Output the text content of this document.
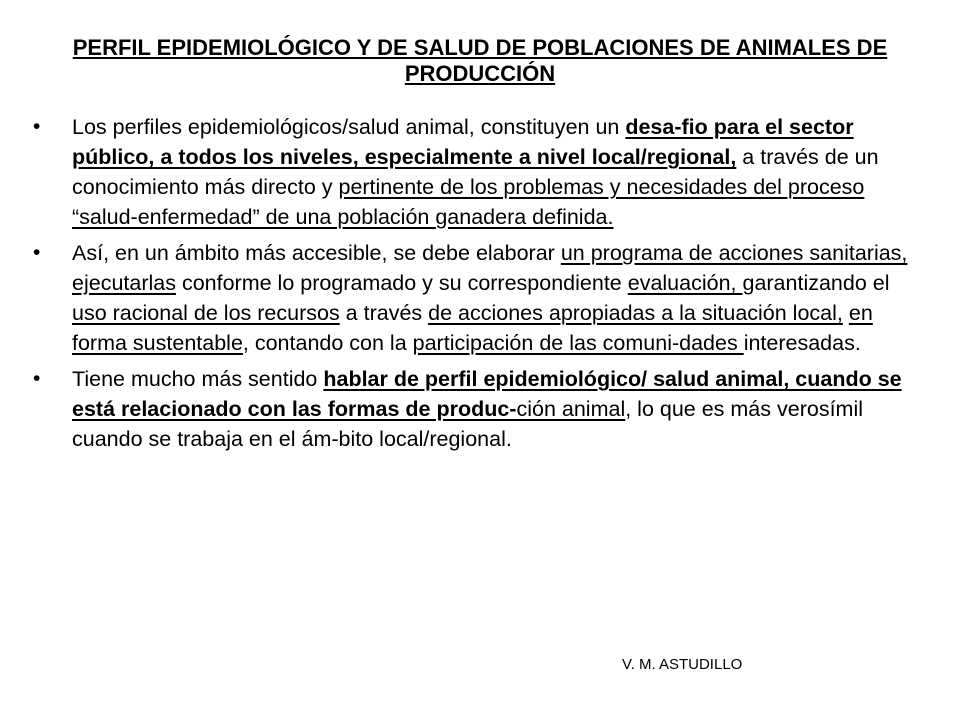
PERFIL EPIDEMIOLÓGICO Y DE SALUD DE POBLACIONES DE ANIMALES DE PRODUCCIÓN
• Los perfiles epidemiológicos/salud animal, constituyen un desa-fio para el sector público, a todos los niveles, especialmente a nivel local/regional, a través de un conocimiento más directo y pertinente de los problemas y necesidades del proceso “salud-enfermedad” de una población ganadera definida.
• Así, en un ámbito más accesible, se debe elaborar un programa de acciones sanitarias, ejecutarlas conforme lo programado y su correspondiente evaluación, garantizando el uso racional de los recursos a través de acciones apropiadas a la situación local, en forma sustentable, contando con la participación de las comuni-dades interesadas.
• Tiene mucho más sentido hablar de perfil epidemiológico/ salud animal, cuando se está relacionado con las formas de produc-ción animal, lo que es más verosímil cuando se trabaja en el ám-bito local/regional.
V. M. ASTUDILLO
